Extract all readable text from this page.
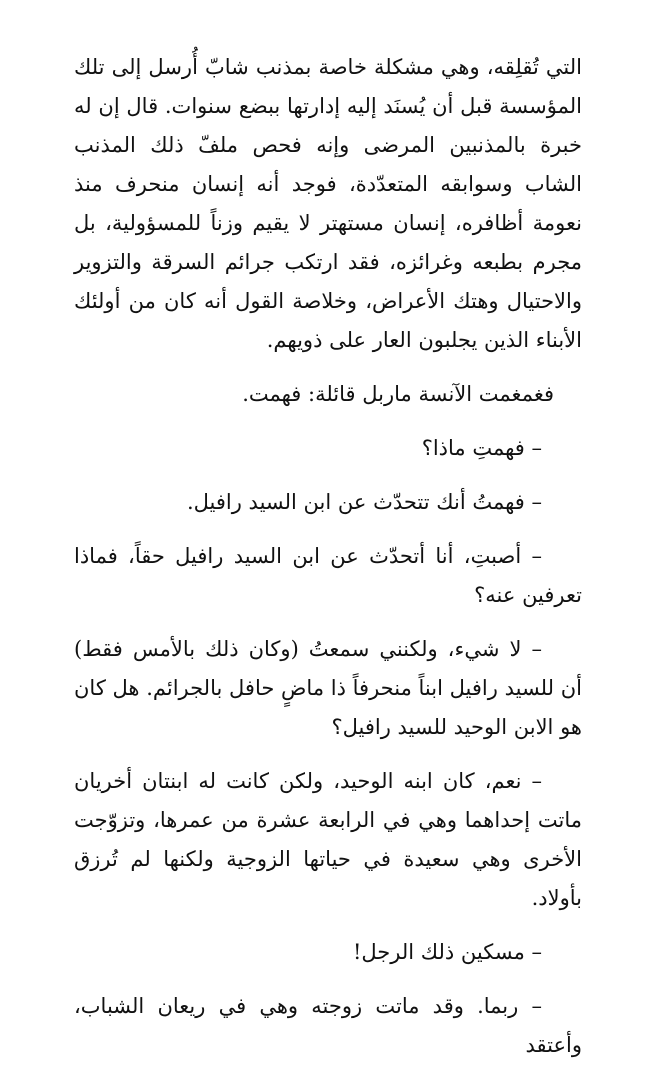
التي تُقلِقه، وهي مشكلة خاصة بمذنب شابّ أُرسل إلى تلك المؤسسة قبل أن يُسنَد إليه إدارتها ببضع سنوات. قال إن له خبرة بالمذنبين المرضى وإنه فحص ملفّ ذلك المذنب الشاب وسوابقه المتعدّدة، فوجد أنه إنسان منحرف منذ نعومة أظافره، إنسان مستهتر لا يقيم وزناً للمسؤولية، بل مجرم بطبعه وغرائزه، فقد ارتكب جرائم السرقة والتزوير والاحتيال وهتك الأعراض، وخلاصة القول أنه كان من أولئك الأبناء الذين يجلبون العار على ذويهم.

فغمغمت الآنسة ماربل قائلة: فهمت.

– فهمتِ ماذا؟

– فهمتُ أنك تتحدّث عن ابن السيد رافيل.

– أصبتِ، أنا أتحدّث عن ابن السيد رافيل حقاً، فماذا تعرفين عنه؟

– لا شيء، ولكنني سمعتُ (وكان ذلك بالأمس فقط) أن للسيد رافيل ابناً منحرفاً ذا ماضٍ حافل بالجرائم. هل كان هو الابن الوحيد للسيد رافيل؟

– نعم، كان ابنه الوحيد، ولكن كانت له ابنتان أخريان ماتت إحداهما وهي في الرابعة عشرة من عمرها، وتزوّجت الأخرى وهي سعيدة في حياتها الزوجية ولكنها لم تُرزق بأولاد.

– مسكين ذلك الرجل!

– ربما. وقد ماتت زوجته وهي في ريعان الشباب، وأعتقد
